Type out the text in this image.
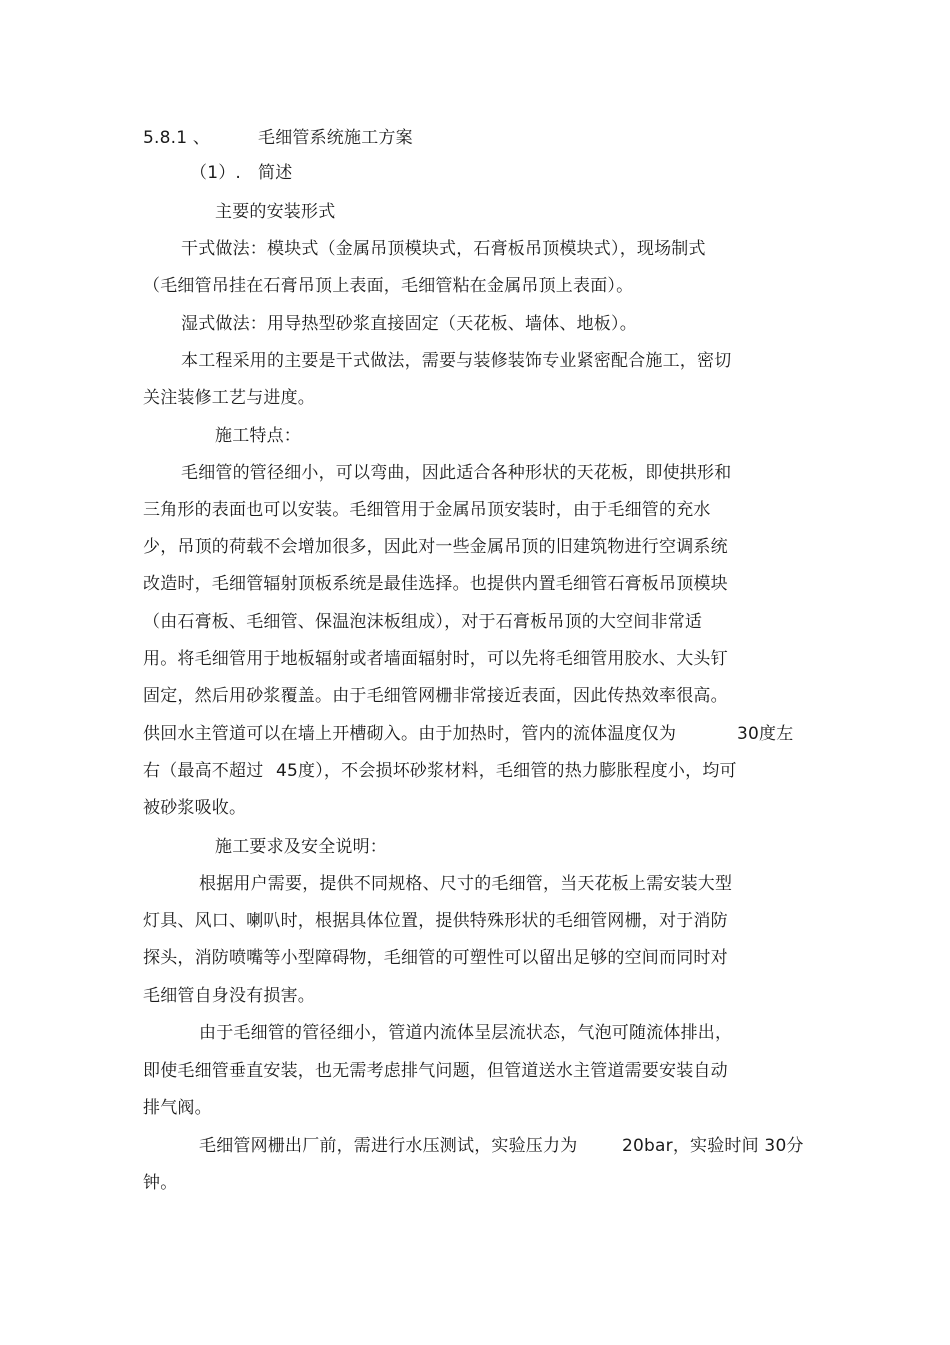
5.8.1 、	毛细管系统施工方案
（1）. 简述
主要的安装形式
干式做法：模块式（金属吊顶模块式，石膏板吊顶模块式），现场制式
（毛细管吊挂在石膏吊顶上表面，毛细管粘在金属吊顶上表面）。
湿式做法：用导热型砂浆直接固定（天花板、墙体、地板）。
本工程采用的主要是干式做法，需要与装修装饰专业紧密配合施工，密切
关注装修工艺与进度。
施工特点：
毛细管的管径细小，可以弯曲，因此适合各种形状的天花板，即使拱形和
三角形的表面也可以安装。毛细管用于金属吊顶安装时，由于毛细管的充水
少，吊顶的荷载不会增加很多，因此对一些金属吊顶的旧建筑物进行空调系统
改造时，毛细管辐射顶板系统是最佳选择。也提供内置毛细管石膏板吊顶模块
（由石膏板、毛细管、保温泡沫板组成），对于石膏板吊顶的大空间非常适
用。将毛细管用于地板辐射或者墙面辐射时，可以先将毛细管用胶水、大头钉
固定，然后用砂浆覆盖。由于毛细管网栅非常接近表面，因此传热效率很高。
供回水主管道可以在墙上开槽砌入。由于加热时，管内的流体温度仅为	30度左
右（最高不超过 45度），不会损坏砂浆材料，毛细管的热力膨胀程度小，均可
被砂浆吸收。
施工要求及安全说明：
根据用户需要，提供不同规格、尺寸的毛细管，当天花板上需安装大型
灯具、风口、喇叭时，根据具体位置，提供特殊形状的毛细管网栅，对于消防
探头，消防喷嘴等小型障碍物，毛细管的可塑性可以留出足够的空间而同时对
毛细管自身没有损害。
由于毛细管的管径细小，管道内流体呈层流状态，气泡可随流体排出，
即使毛细管垂直安装，也无需考虑排气问题，但管道送水主管道需要安装自动
排气阀。
毛细管网栅出厂前，需进行水压测试，实验压力为	20bar，实验时间 30分
钟。
